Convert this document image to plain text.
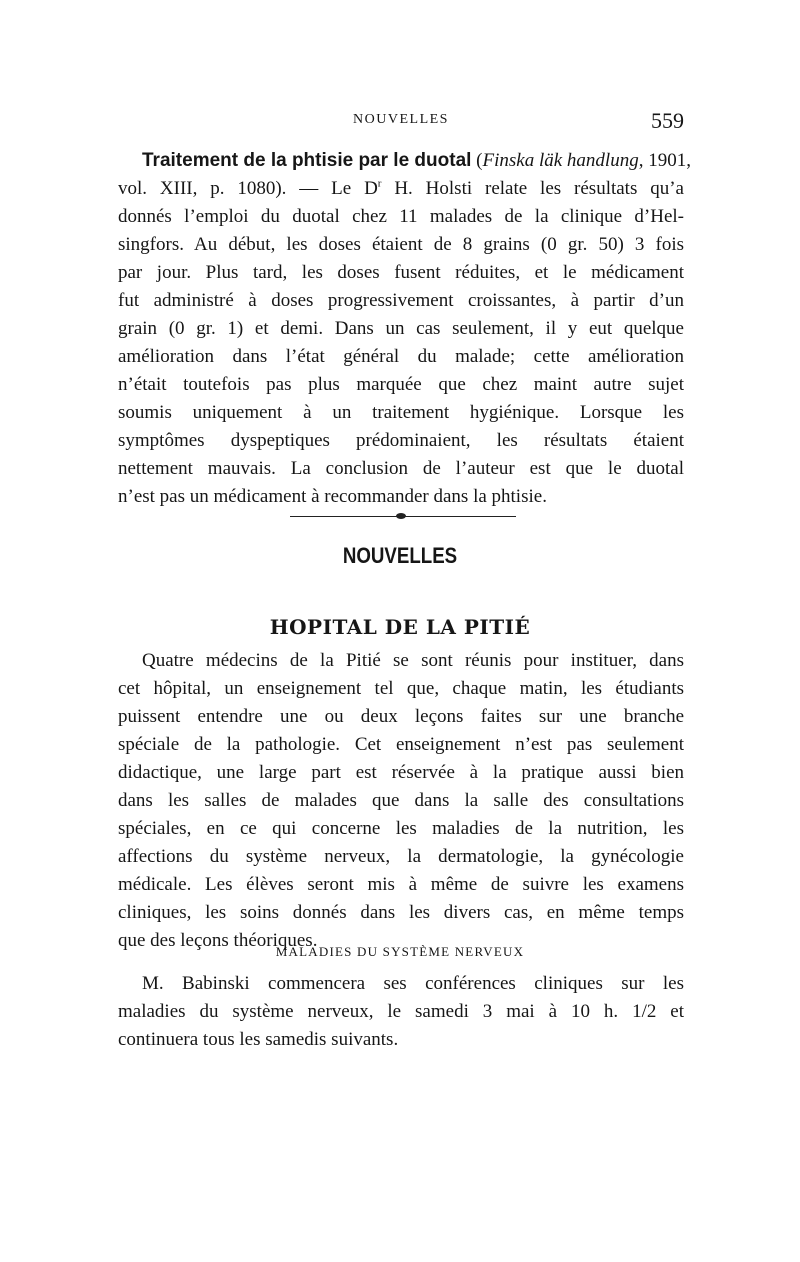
NOUVELLES	559
Traitement de la phtisie par le duotal (Finska läk handlung, 1901,
vol. XIII, p. 1080). — Le $D^r$ H. Holsti relate les résultats qu’a
donnés l’emploi du duotal chez 11 malades de la clinique d’Hel-
singfors. Au début, les doses étaient de 8 grains (0 gr. 50) 3 fois
par jour. Plus tard, les doses fusent réduites, et le médicament
fut administré à doses progressivement croissantes, à partir d’un
grain (0 gr. 1) et demi. Dans un cas seulement, il y eut quelque
amélioration dans l’état général du malade; cette amélioration
n’était toutefois pas plus marquée que chez maint autre sujet
soumis uniquement à un traitement hygiénique. Lorsque les
symptômes dyspeptiques prédominaient, les résultats étaient
nettement mauvais. La conclusion de l’auteur est que le duotal
n’est pas un médicament à recommander dans la phtisie.
NOUVELLES
HOPITAL DE LA PITIÉ
Quatre médecins de la Pitié se sont réunis pour instituer, dans
cet hôpital, un enseignement tel que, chaque matin, les étudiants
puissent entendre une ou deux leçons faites sur une branche
spéciale de la pathologie. Cet enseignement n’est pas seulement
didactique, une large part est réservée à la pratique aussi bien
dans les salles de malades que dans la salle des consultations
spéciales, en ce qui concerne les maladies de la nutrition, les
affections du système nerveux, la dermatologie, la gynécologie
médicale. Les élèves seront mis à même de suivre les examens
cliniques, les soins donnés dans les divers cas, en même temps
que des leçons théoriques.
MALADIES DU SYSTÈME NERVEUX
M. Babinski commencera ses conférences cliniques sur les
maladies du système nerveux, le samedi 3 mai à 10 h. 1/2 et
continuera tous les samedis suivants.
